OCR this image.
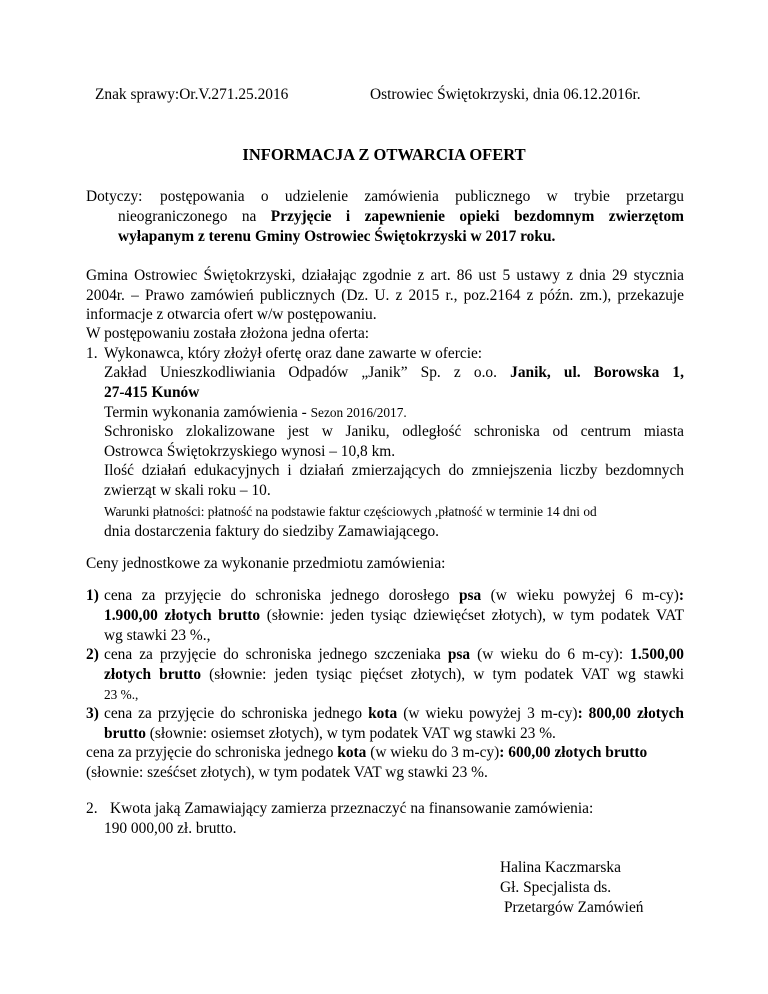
Znak sprawy:Or.V.271.25.2016	Ostrowiec Świętokrzyski, dnia 06.12.2016r.
INFORMACJA Z OTWARCIA OFERT
Dotyczy: postępowania o udzielenie zamówienia publicznego w trybie przetargu
nieograniczonego na Przyjęcie i zapewnienie opieki bezdomnym zwierzętom
wyłapanym z terenu Gminy Ostrowiec Świętokrzyski w 2017 roku.
Gmina Ostrowiec Świętokrzyski, działając zgodnie z art. 86 ust 5 ustawy z dnia 29 stycznia
2004r. – Prawo zamówień publicznych (Dz. U. z 2015 r., poz.2164 z późn. zm.), przekazuje
informacje z otwarcia ofert w/w postępowaniu.
W postępowaniu została złożona jedna oferta:
1. Wykonawca, który złożył ofertę oraz dane zawarte w ofercie:
Zakład Unieszkodliwiania Odpadów „Janik” Sp. z o.o. Janik, ul. Borowska 1,
27-415 Kunów
Termin wykonania zamówienia - Sezon 2016/2017.
Schronisko zlokalizowane jest w Janiku, odległość schroniska od centrum miasta
Ostrowca Świętokrzyskiego wynosi – 10,8 km.
Ilość działań edukacyjnych i działań zmierzających do zmniejszenia liczby bezdomnych
zwierząt w skali roku – 10.
Warunki płatności: płatność na podstawie faktur częściowych ,płatność w terminie 14 dni od
dnia dostarczenia faktury do siedziby Zamawiającego.
Ceny jednostkowe za wykonanie przedmiotu zamówienia:
1) cena za przyjęcie do schroniska jednego dorosłego psa (w wieku powyżej 6 m-cy):
1.900,00 złotych brutto (słownie: jeden tysiąc dziewięćset złotych), w tym podatek VAT
wg stawki 23 %.,
2) cena za przyjęcie do schroniska jednego szczeniaka psa (w wieku do 6 m-cy): 1.500,00
złotych brutto (słownie: jeden tysiąc pięćset złotych), w tym podatek VAT wg stawki
23 %.,
3) cena za przyjęcie do schroniska jednego kota (w wieku powyżej 3 m-cy): 800,00 złotych
brutto (słownie: osiemset złotych), w tym podatek VAT wg stawki 23 %.
cena za przyjęcie do schroniska jednego kota (w wieku do 3 m-cy): 600,00 złotych brutto
(słownie: sześćset złotych), w tym podatek VAT wg stawki 23 %.
2. Kwota jaką Zamawiający zamierza przeznaczyć na finansowanie zamówienia:
190 000,00 zł. brutto.
Halina Kaczmarska
Gł. Specjalista ds.
Przetargów Zamówień
